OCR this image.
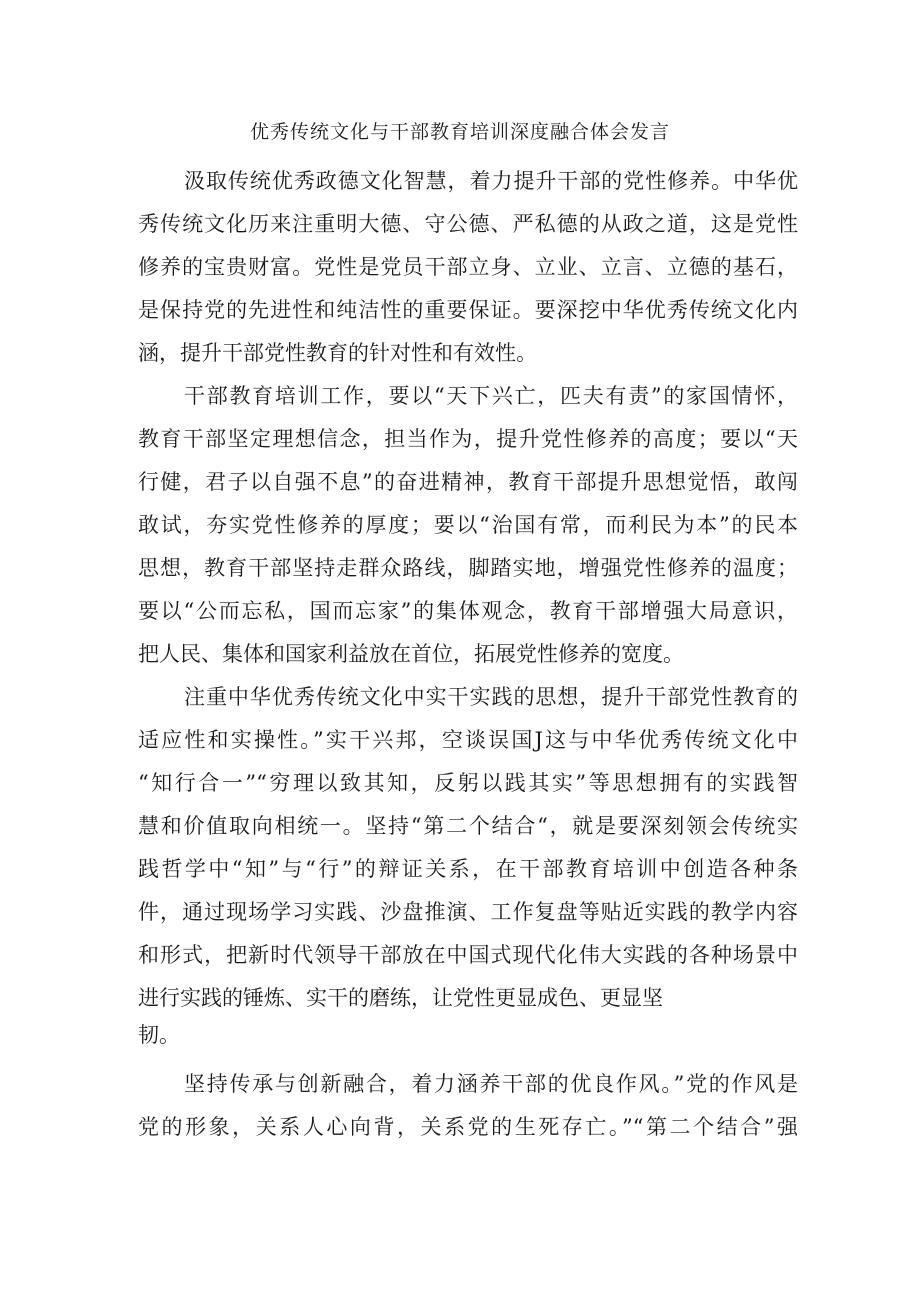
优秀传统文化与干部教育培训深度融合体会发言
汲取传统优秀政德文化智慧，着力提升干部的党性修养。中华优
秀传统文化历来注重明大德、守公德、严私德的从政之道，这是党性
修养的宝贵财富。党性是党员干部立身、立业、立言、立德的基石，
是保持党的先进性和纯洁性的重要保证。要深挖中华优秀传统文化内
涵，提升干部党性教育的针对性和有效性。
干部教育培训工作，要以“天下兴亡，匹夫有责”的家国情怀，
教育干部坚定理想信念，担当作为，提升党性修养的高度；要以“天
行健，君子以自强不息”的奋进精神，教育干部提升思想觉悟，敢闯
敢试，夯实党性修养的厚度；要以“治国有常，而利民为本”的民本
思想，教育干部坚持走群众路线，脚踏实地，增强党性修养的温度；
要以“公而忘私，国而忘家”的集体观念，教育干部增强大局意识，
把人民、集体和国家利益放在首位，拓展党性修养的宽度。
注重中华优秀传统文化中实干实践的思想，提升干部党性教育的
适应性和实操性。”实干兴邦，空谈误国J这与中华优秀传统文化中
“知行合一”“穷理以致其知，反躬以践其实”等思想拥有的实践智
慧和价值取向相统一。坚持“第二个结合“，就是要深刻领会传统实
践哲学中“知”与“行”的辩证关系，在干部教育培训中创造各种条
件，通过现场学习实践、沙盘推演、工作复盘等贴近实践的教学内容
和形式，把新时代领导干部放在中国式现代化伟大实践的各种场景中
进行实践的锤炼、实干的磨练，让党性更显成色、更显坚
韧。
坚持传承与创新融合，着力涵养干部的优良作风。”党的作风是
党的形象，关系人心向背，关系党的生死存亡。”“第二个结合”强
